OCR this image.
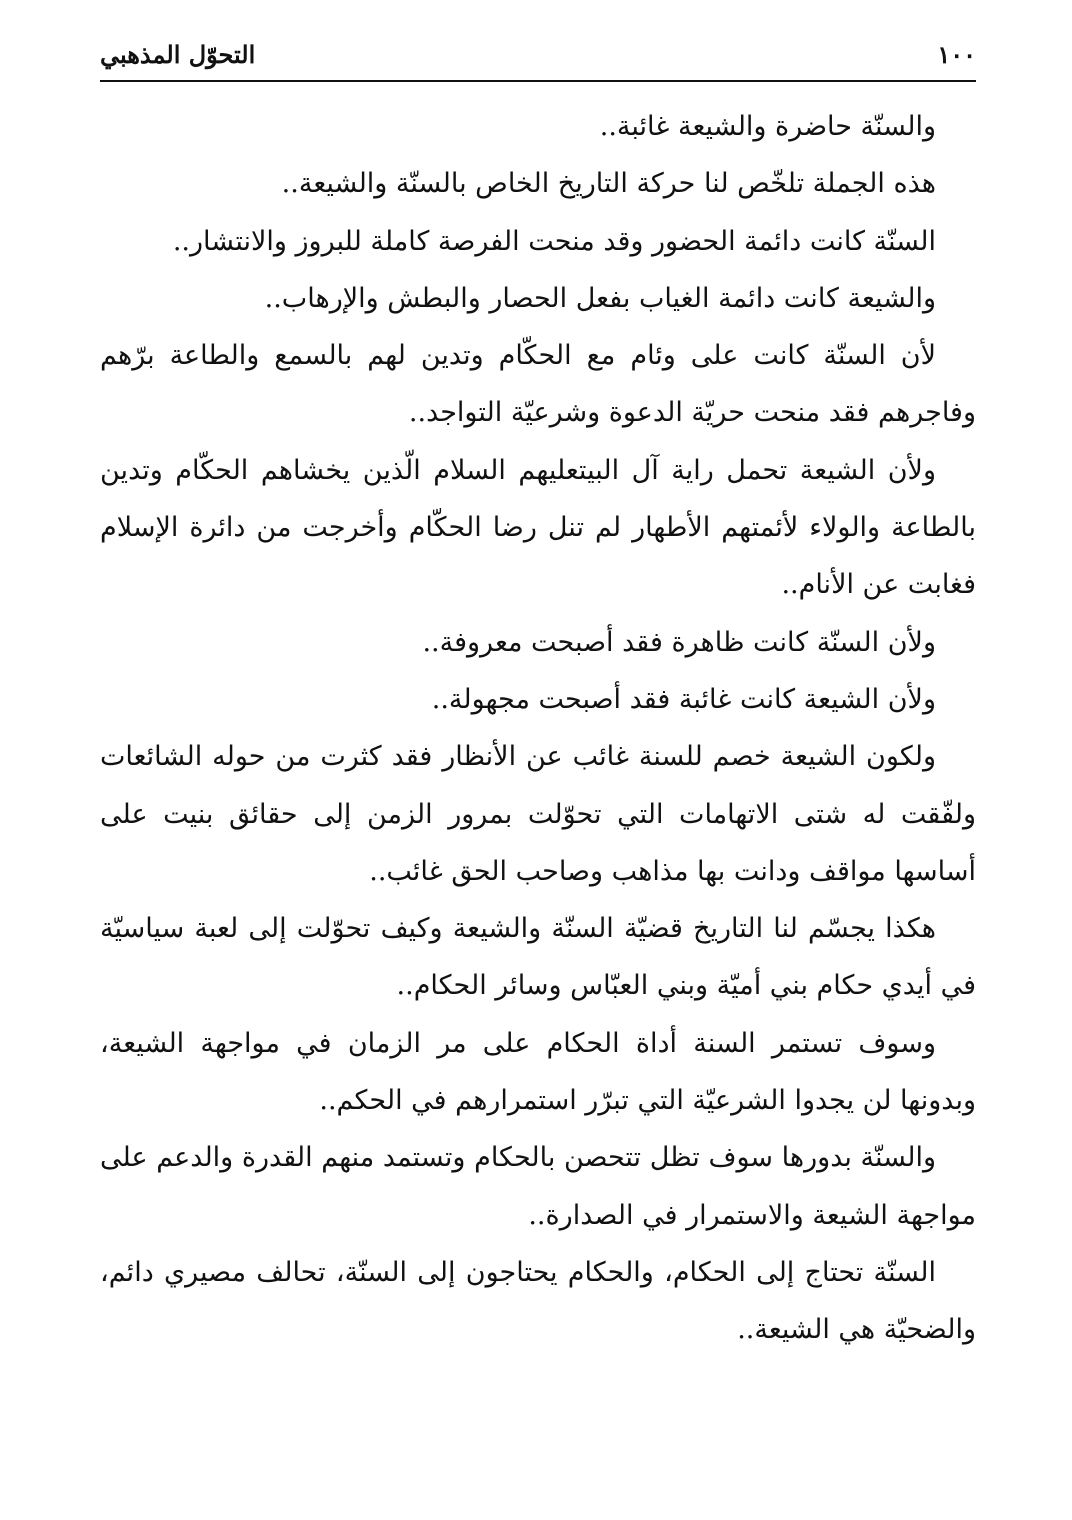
١٠٠
التحوّل المذهبي

والسنّة حاضرة والشيعة غائبة..

هذه الجملة تلخّص لنا حركة التاريخ الخاص بالسنّة والشيعة..

السنّة كانت دائمة الحضور وقد منحت الفرصة كاملة للبروز والانتشار..

والشيعة كانت دائمة الغياب بفعل الحصار والبطش والإرهاب..

لأن السنّة كانت على وئام مع الحكّام وتدين لهم بالسمع والطاعة برّهم وفاجرهم فقد منحت حريّة الدعوة وشرعيّة التواجد..

ولأن الشيعة تحمل راية آل البيتعليهم السلام الّذين يخشاهم الحكّام وتدين بالطاعة والولاء لأئمتهم الأطهار لم تنل رضا الحكّام وأخرجت من دائرة الإسلام فغابت عن الأنام..

ولأن السنّة كانت ظاهرة فقد أصبحت معروفة..

ولأن الشيعة كانت غائبة فقد أصبحت مجهولة..

ولكون الشيعة خصم للسنة غائب عن الأنظار فقد كثرت من حوله الشائعات ولفّقت له شتى الاتهامات التي تحوّلت بمرور الزمن إلى حقائق بنيت على أساسها مواقف ودانت بها مذاهب وصاحب الحق غائب..

هكذا يجسّم لنا التاريخ قضيّة السنّة والشيعة وكيف تحوّلت إلى لعبة سياسيّة في أيدي حكام بني أميّة وبني العبّاس وسائر الحكام..

وسوف تستمر السنة أداة الحكام على مر الزمان في مواجهة الشيعة، وبدونها لن يجدوا الشرعيّة التي تبرّر استمرارهم في الحكم..

والسنّة بدورها سوف تظل تتحصن بالحكام وتستمد منهم القدرة والدعم على مواجهة الشيعة والاستمرار في الصدارة..

السنّة تحتاج إلى الحكام، والحكام يحتاجون إلى السنّة، تحالف مصيري دائم، والضحيّة هي الشيعة..
